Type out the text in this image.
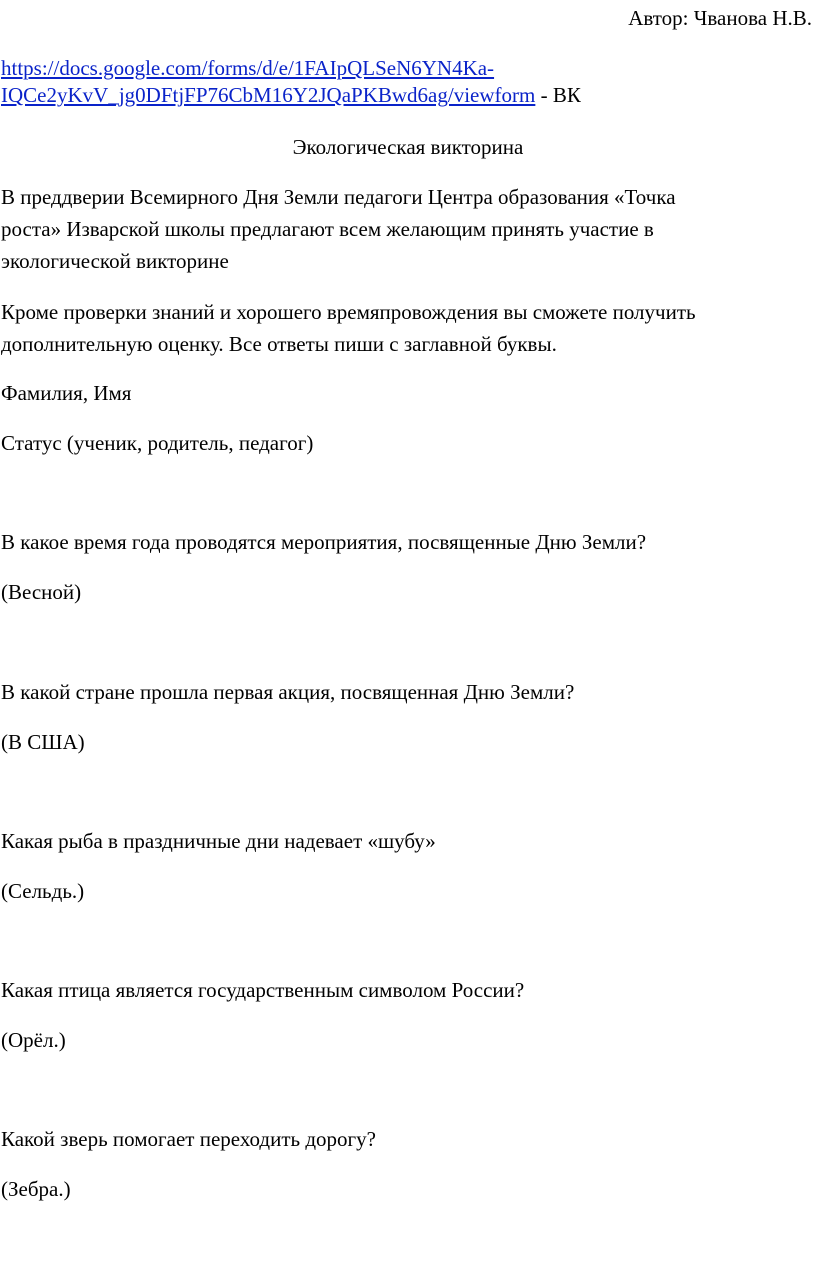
Автор: Чванова Н.В.
https://docs.google.com/forms/d/e/1FAIpQLSeN6YN4Ka-
IQCe2yKvV_jg0DFtjFP76CbM16Y2JQaPKBwd6ag/viewform - ВК
Экологическая викторина
В преддверии Всемирного Дня Земли педагоги Центра образования «Точка
роста» Изварской школы предлагают всем желающим принять участие в
экологической викторине
Кроме проверки знаний и хорошего времяпровождения вы сможете получить
дополнительную оценку. Все ответы пиши с заглавной буквы.
Фамилия, Имя
Статус (ученик, родитель, педагог)
В какое время года проводятся мероприятия, посвященные Дню Земли?
(Весной)
В какой стране прошла первая акция, посвященная Дню Земли?
(В США)
Какая рыба в праздничные дни надевает «шубу»
(Сельдь.)
Какая птица является государственным символом России?
(Орёл.)
Какой зверь помогает переходить дорогу?
(Зебра.)
